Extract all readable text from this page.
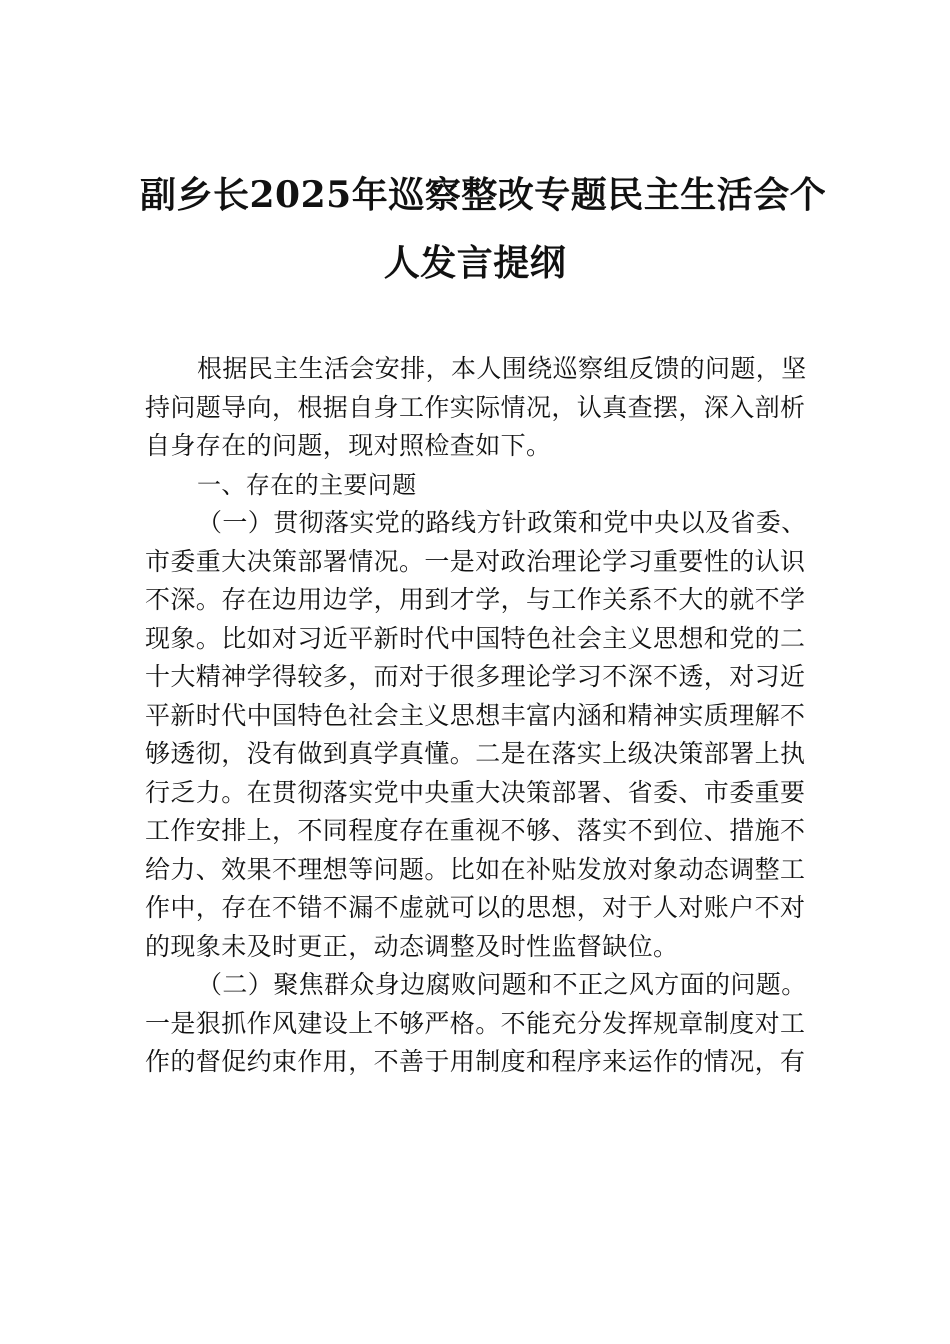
副乡长2025年巡察整改专题民主生活会个
人发言提纲
根据民主生活会安排，本人围绕巡察组反馈的问题，坚
持问题导向，根据自身工作实际情况，认真查摆，深入剖析
自身存在的问题，现对照检查如下。
一、存在的主要问题
（一）贯彻落实党的路线方针政策和党中央以及省委、
市委重大决策部署情况。一是对政治理论学习重要性的认识
不深。存在边用边学，用到才学，与工作关系不大的就不学
现象。比如对习近平新时代中国特色社会主义思想和党的二
十大精神学得较多，而对于很多理论学习不深不透，对习近
平新时代中国特色社会主义思想丰富内涵和精神实质理解不
够透彻，没有做到真学真懂。二是在落实上级决策部署上执
行乏力。在贯彻落实党中央重大决策部署、省委、市委重要
工作安排上，不同程度存在重视不够、落实不到位、措施不
给力、效果不理想等问题。比如在补贴发放对象动态调整工
作中，存在不错不漏不虚就可以的思想，对于人对账户不对
的现象未及时更正，动态调整及时性监督缺位。
（二）聚焦群众身边腐败问题和不正之风方面的问题。
一是狠抓作风建设上不够严格。不能充分发挥规章制度对工
作的督促约束作用，不善于用制度和程序来运作的情况，有
